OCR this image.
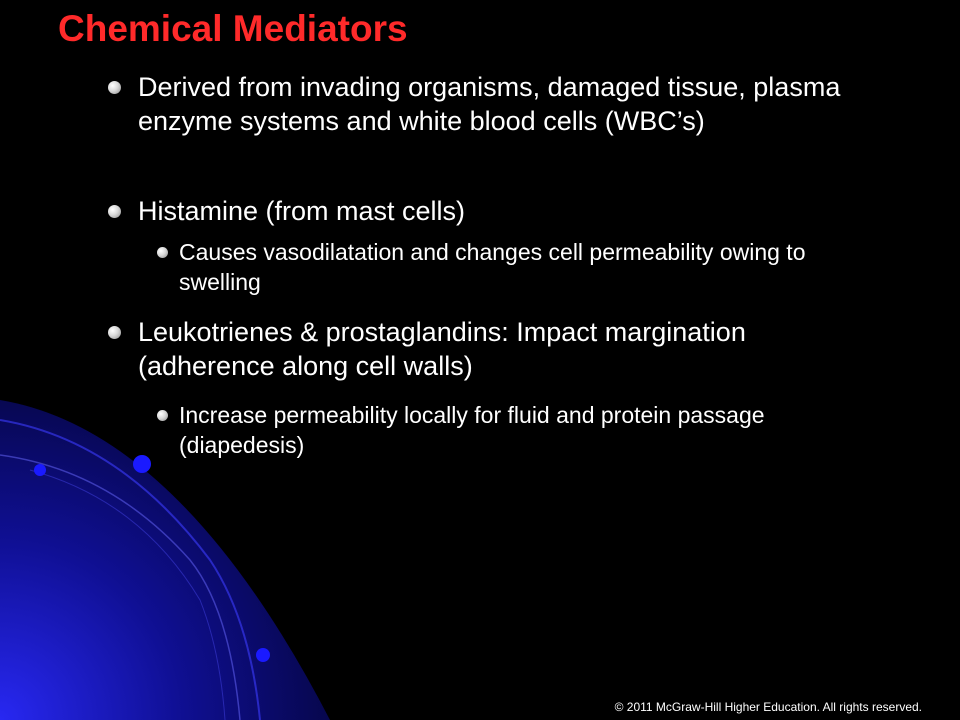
Chemical Mediators
Derived from invading organisms, damaged tissue, plasma enzyme systems and white blood cells (WBC’s)
Histamine (from mast cells)
Causes vasodilatation and changes cell permeability owing to swelling
Leukotrienes & prostaglandins: Impact margination (adherence along cell walls)
Increase permeability locally for fluid and protein passage (diapedesis)
© 2011 McGraw-Hill Higher Education. All rights reserved.
